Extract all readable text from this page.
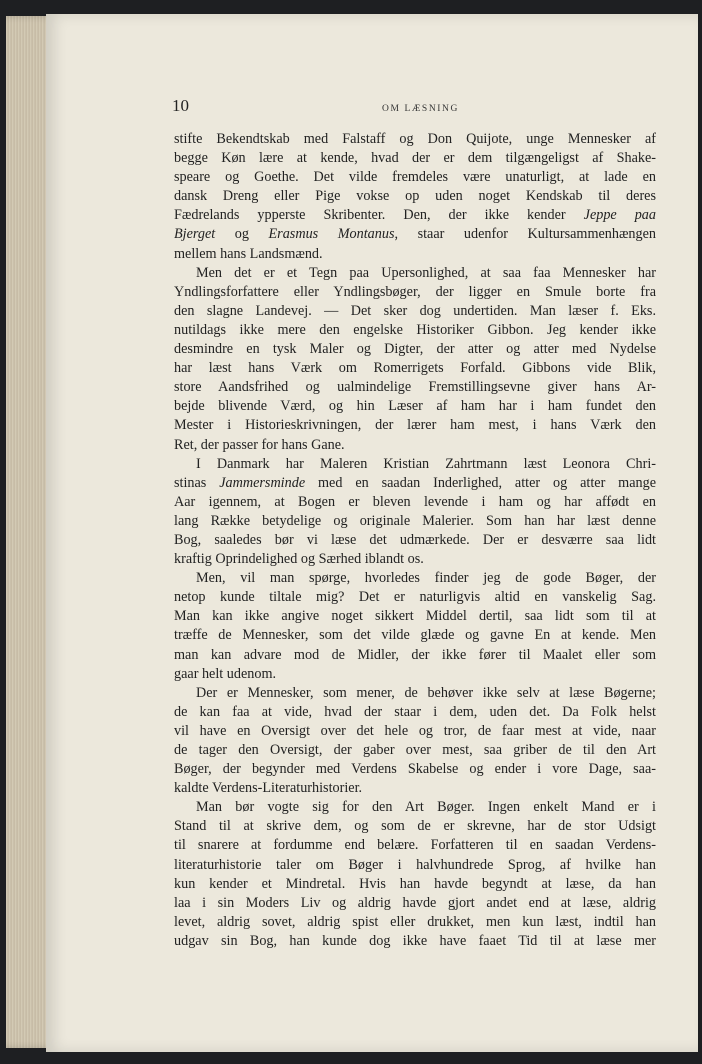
10	OM LÆSNING
stifte Bekendtskab med Falstaff og Don Quijote, unge Mennesker af
begge Køn lære at kende, hvad der er dem tilgængeligst af Shake-
speare og Goethe. Det vilde fremdeles være unaturligt, at lade en
dansk Dreng eller Pige vokse op uden noget Kendskab til deres
Fædrelands ypperste Skribenter. Den, der ikke kender Jeppe paa
Bjerget og Erasmus Montanus, staar udenfor Kultursammenhængen
mellem hans Landsmænd.
Men det er et Tegn paa Upersonlighed, at saa faa Mennesker har
Yndlingsforfattere eller Yndlingsbøger, der ligger en Smule borte fra
den slagne Landevej. — Det sker dog undertiden. Man læser f. Eks.
nutildags ikke mere den engelske Historiker Gibbon. Jeg kender ikke
desmindre en tysk Maler og Digter, der atter og atter med Nydelse
har læst hans Værk om Romerrigets Forfald. Gibbons vide Blik,
store Aandsfrihed og ualmindelige Fremstillingsevne giver hans Ar-
bejde blivende Værd, og hin Læser af ham har i ham fundet den
Mester i Historieskrivningen, der lærer ham mest, i hans Værk den
Ret, der passer for hans Gane.
I Danmark har Maleren Kristian Zahrtmann læst Leonora Chri-
stinas Jammersminde med en saadan Inderlighed, atter og atter mange
Aar igennem, at Bogen er bleven levende i ham og har affødt en
lang Række betydelige og originale Malerier. Som han har læst denne
Bog, saaledes bør vi læse det udmærkede. Der er desværre saa lidt
kraftig Oprindelighed og Særhed iblandt os.
Men, vil man spørge, hvorledes finder jeg de gode Bøger, der
netop kunde tiltale mig? Det er naturligvis altid en vanskelig Sag.
Man kan ikke angive noget sikkert Middel dertil, saa lidt som til at
træffe de Mennesker, som det vilde glæde og gavne En at kende. Men
man kan advare mod de Midler, der ikke fører til Maalet eller som
gaar helt udenom.
Der er Mennesker, som mener, de behøver ikke selv at læse Bøgerne;
de kan faa at vide, hvad der staar i dem, uden det. Da Folk helst
vil have en Oversigt over det hele og tror, de faar mest at vide, naar
de tager den Oversigt, der gaber over mest, saa griber de til den Art
Bøger, der begynder med Verdens Skabelse og ender i vore Dage, saa-
kaldte Verdens-Literaturhistorier.
Man bør vogte sig for den Art Bøger. Ingen enkelt Mand er i
Stand til at skrive dem, og som de er skrevne, har de stor Udsigt
til snarere at fordumme end belære. Forfatteren til en saadan Verdens-
literaturhistorie taler om Bøger i halvhundrede Sprog, af hvilke han
kun kender et Mindretal. Hvis han havde begyndt at læse, da han
laa i sin Moders Liv og aldrig havde gjort andet end at læse, aldrig
levet, aldrig sovet, aldrig spist eller drukket, men kun læst, indtil han
udgav sin Bog, han kunde dog ikke have faaet Tid til at læse mer
